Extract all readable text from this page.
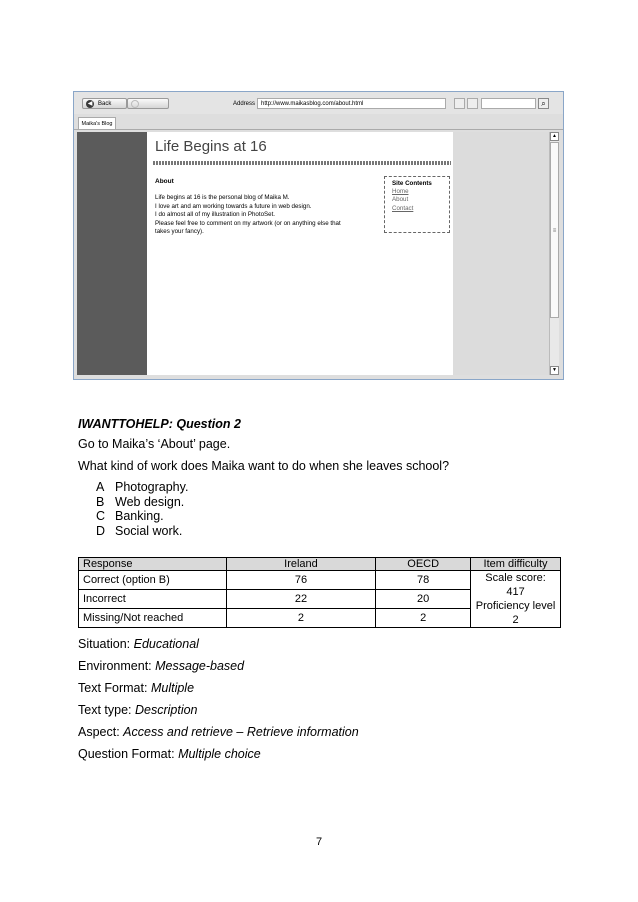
◀ Back	Address http://www.maikasblog.com/about.html	⌕
Maika's Blog
Life Begins at 16
About
Life begins at 16 is the personal blog of Maika M.
I love art and am working towards a future in web design.
I do almost all of my illustration in PhotoSet.
Please feel free to comment on my artwork (or on anything else that
takes your fancy).
Site Contents
Home
About
Contact
▲
≡
▼
IWANTTOHELP: Question 2
Go to Maika’s ‘About’ page.
What kind of work does Maika want to do when she leaves school?
A Photography.
B Web design.
C Banking.
D Social work.
Response	Ireland	OECD	Item difficulty
Correct (option B)	76	78	Scale score: 417
Proficiency level 2

Incorrect	22	20	
Missing/Not reached	2	2	
Situation: Educational
Environment: Message-based
Text Format: Multiple
Text type: Description
Aspect: Access and retrieve – Retrieve information
Question Format: Multiple choice
7
